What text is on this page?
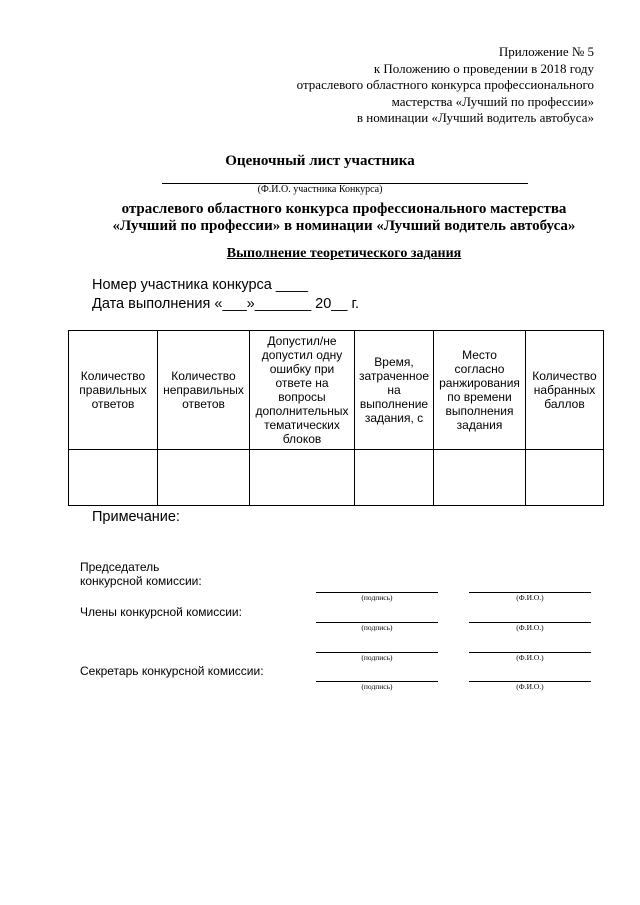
Приложение № 5
к Положению о проведении в 2018 году
отраслевого областного конкурса профессионального
мастерства «Лучший по профессии»
в номинации «Лучший водитель автобуса»
Оценочный лист участника
(Ф.И.О. участника Конкурса)
отраслевого областного конкурса профессионального мастерства
«Лучший по профессии» в номинации «Лучший водитель автобуса»
Выполнение теоретического задания
Номер участника конкурса ____
Дата выполнения «___»_______ 20__ г.
Количество правильных ответов	Количество неправильных ответов	Допустил/не допустил одну ошибку при ответе на вопросы дополнительных тематических блоков	Время, затраченное на выполнение задания, с	Место согласно ранжирования по времени выполнения задания	Количество набранных баллов

Примечание:
Председатель
конкурсной комиссии:
(подпись)	(Ф.И.О.)
Члены конкурсной комиссии:
(подпись)	(Ф.И.О.)
(подпись)	(Ф.И.О.)
Секретарь конкурсной комиссии:
(подпись)	(Ф.И.О.)
